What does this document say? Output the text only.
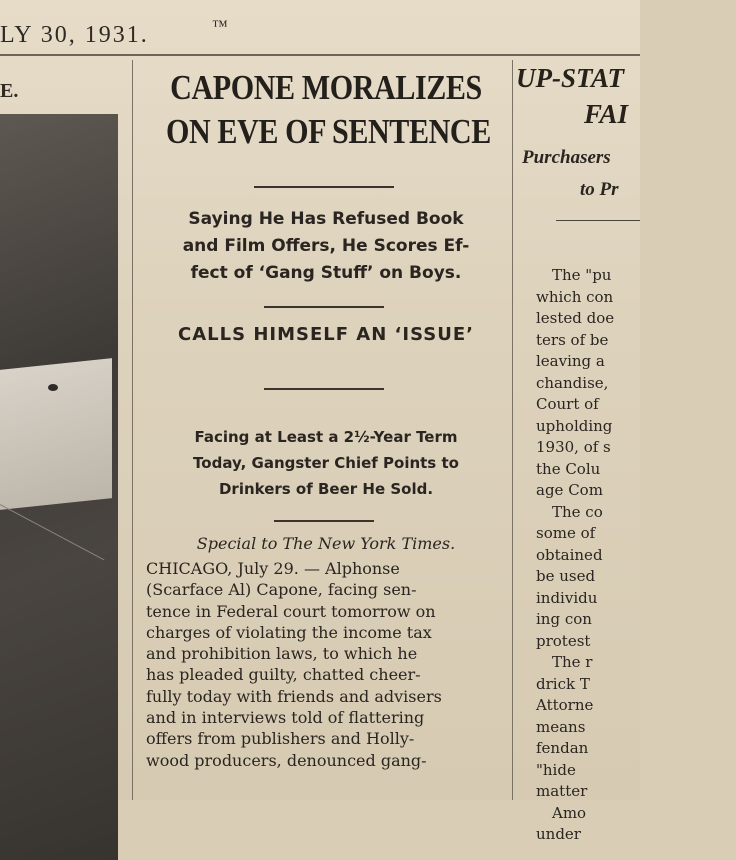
LY 30, 1931.	™
E.	CAPONE MORALIZES
ON EVE OF SENTENCE
Saying He Has Refused Book
and Film Offers, He Scores Ef-
fect of ‘Gang Stuff’ on Boys.
CALLS HIMSELF AN ‘ISSUE’
Facing at Least a 2½-Year Term
Today, Gangster Chief Points to
Drinkers of Beer He Sold.
Special to The New York Times.
CHICAGO, July 29. — Alphonse
(Scarface Al) Capone, facing sen-
tence in Federal court tomorrow on
charges of violating the income tax
and prohibition laws, to which he
has pleaded guilty, chatted cheer-
fully today with friends and advisers
and in interviews told of flattering
offers from publishers and Holly-
wood producers, denounced gang-
UP-STAT
FAI
Purchasers
to Pr
The "pu
which con
lested doe
ters of be
leaving a
chandise,
Court of
upholding
1930, of s
the Colu
age Com
The co
some of
obtained
be used
individu
ing con
protest
The r
drick T
Attorne
means
fendan
"hide
matter
Amo
under
